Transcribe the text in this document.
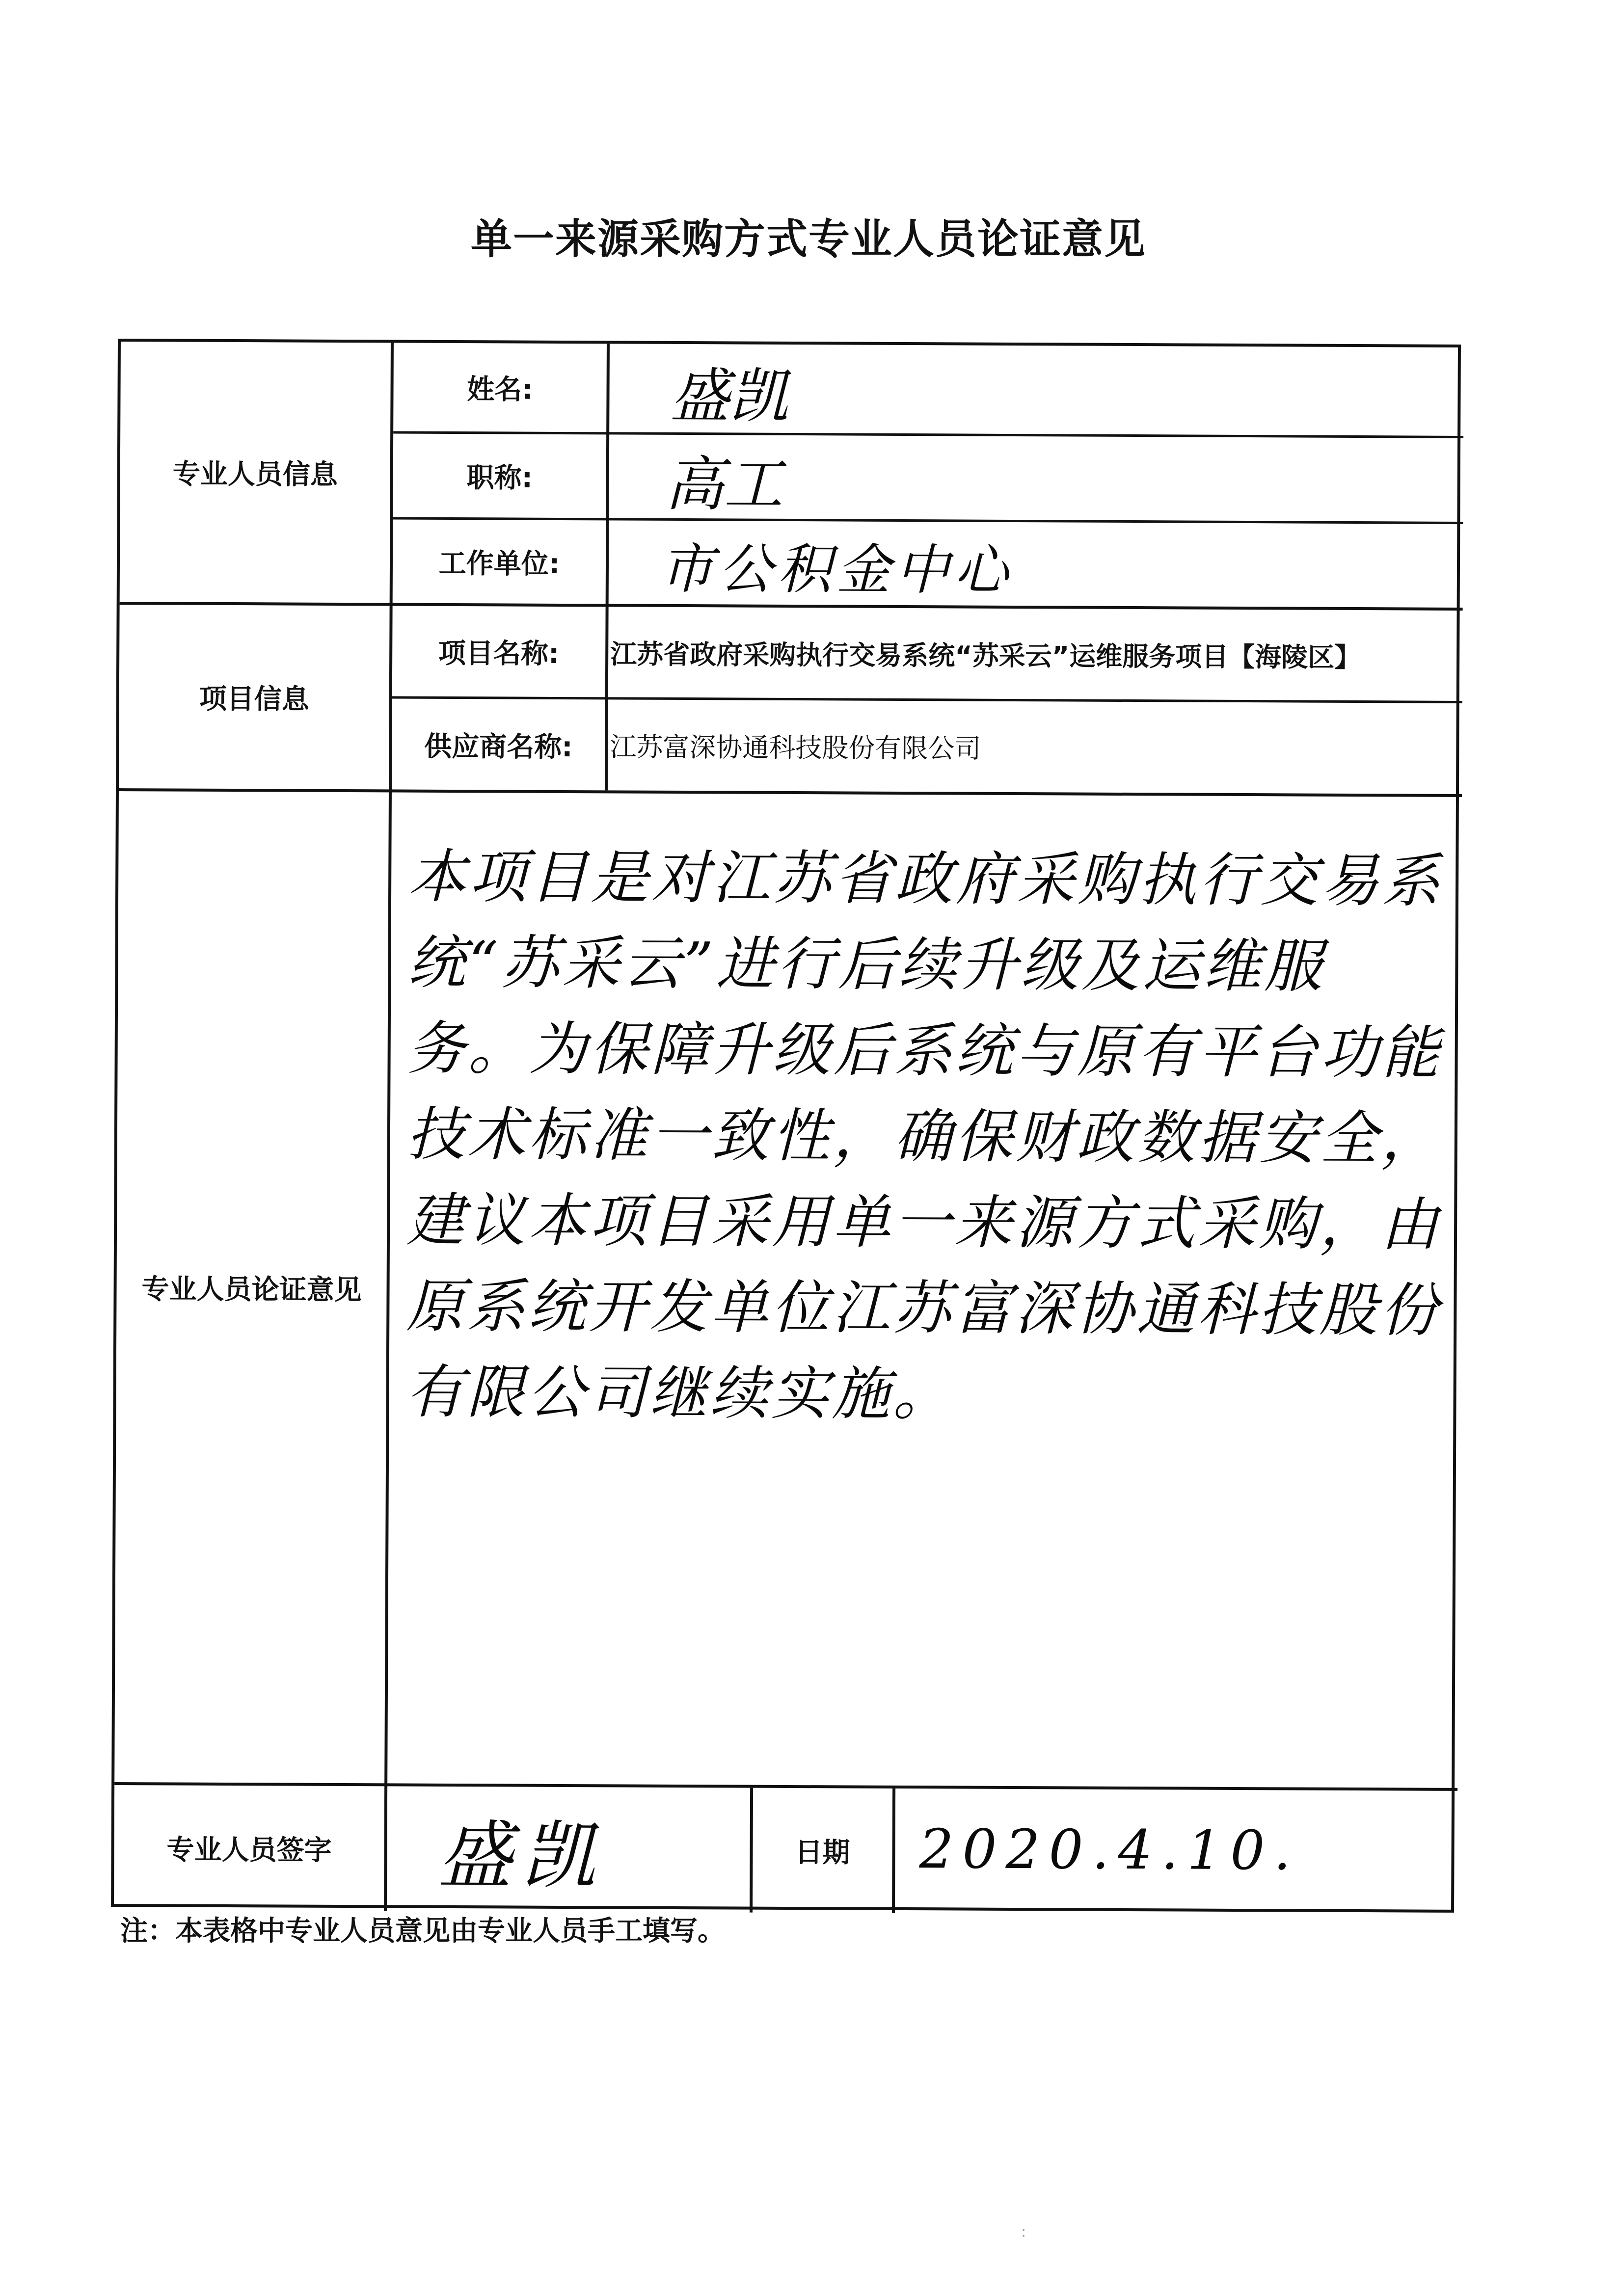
单一来源采购方式专业人员论证意见
专业人员信息
项目信息
专业人员论证意见
专业人员签字
姓名:
职称:
工作单位:
项目名称:
供应商名称:
盛凯
高工
市公积金中心
江苏省政府采购执行交易系统“苏采云”运维服务项目【海陵区】
江苏富深协通科技股份有限公司
本项目是对江苏省政府采购执行交易系统“苏采云”进行后续升级及运维服务。为保障升级后系统与原有平台功能技术标准一致性，确保财政数据安全，建议本项目采用单一来源方式采购，由原系统开发单位江苏富深协通科技股份有限公司继续实施。
盛凯	日期	2020.4.10.
注：本表格中专业人员意见由专业人员手工填写。
:
